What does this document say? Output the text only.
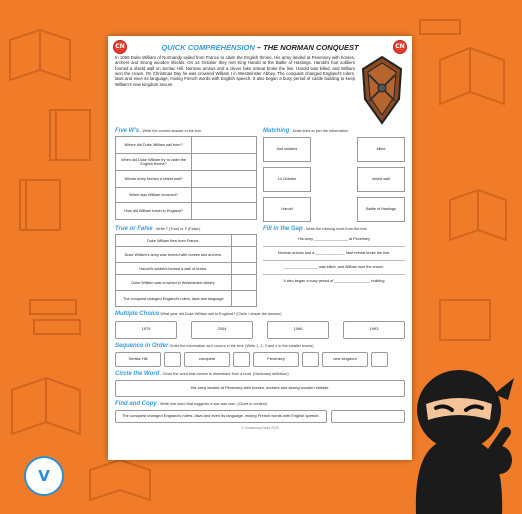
CN	CN
QUICK COMPREHENSION – THE NORMAN CONQUEST

In 1066 Duke William of Normandy sailed from France to claim the English throne. His army landed at Pevensey with horses, archers and strong wooden shields. On 14 October they met King Harold at the Battle of Hastings. Harold's foot soldiers formed a shield wall on Senlac Hill. Norman arrows and a clever fake retreat broke the line. Harold was killed, and William won the crown. On Christmas Day he was crowned William I in Westminster Abbey. The conquest changed England's rulers, laws and even its language, mixing French words with English speech. It also began a busy period of castle building to keep William's new kingdom secure.

Five W's - Write the correct answer in the box.
Where did Duke William sail from?	
When did Duke William try to claim the English throne?	
Whose army formed a shield wall?	
When was William crowned?	
How did William travel to England?	
Matching - Draw lines to join the information.
foot soldiers	killed
14 October	shield wall
Harold	Battle of Hastings
True or False - Write T (True) or F (False).
Duke William flew from France.	
Duke William's army was formed with horses and archers.	
Harold's soldiers formed a wall of bricks.	
Duke William was crowned in Westminster Abbey.	
The conquest changed England's rulers, laws and language	
Fill in the Gap - Write the missing word from the text.
His army ________________ at Pevensey
Norman arrows and a ______________ fake retreat broke the line.
________________ was killed, and William won the crown.
It also began a busy period of _________________ building
Multiple Choice What year did Duke William sail to England? (Circle / shade the answer)
1975	2004	1066	1993
Sequence in Order Order the information as it occurs in the text. (Write 1, 2, 3 and 4 in the smaller boxes)
Senlac Hill	conquest	Pevensey	new kingdom
Circle the Word - Circle the word that means to disembark from a boat. (Dictionary definition)
His army landed at Pevensey with horses, archers and strong wooden shields.
Find and Copy - Write one word that suggests a war was won. (Clues in context)
The conquest changed England's rulers, laws and even its language, mixing French words with English speech.
© Vocabulary Ninja 2025
V
